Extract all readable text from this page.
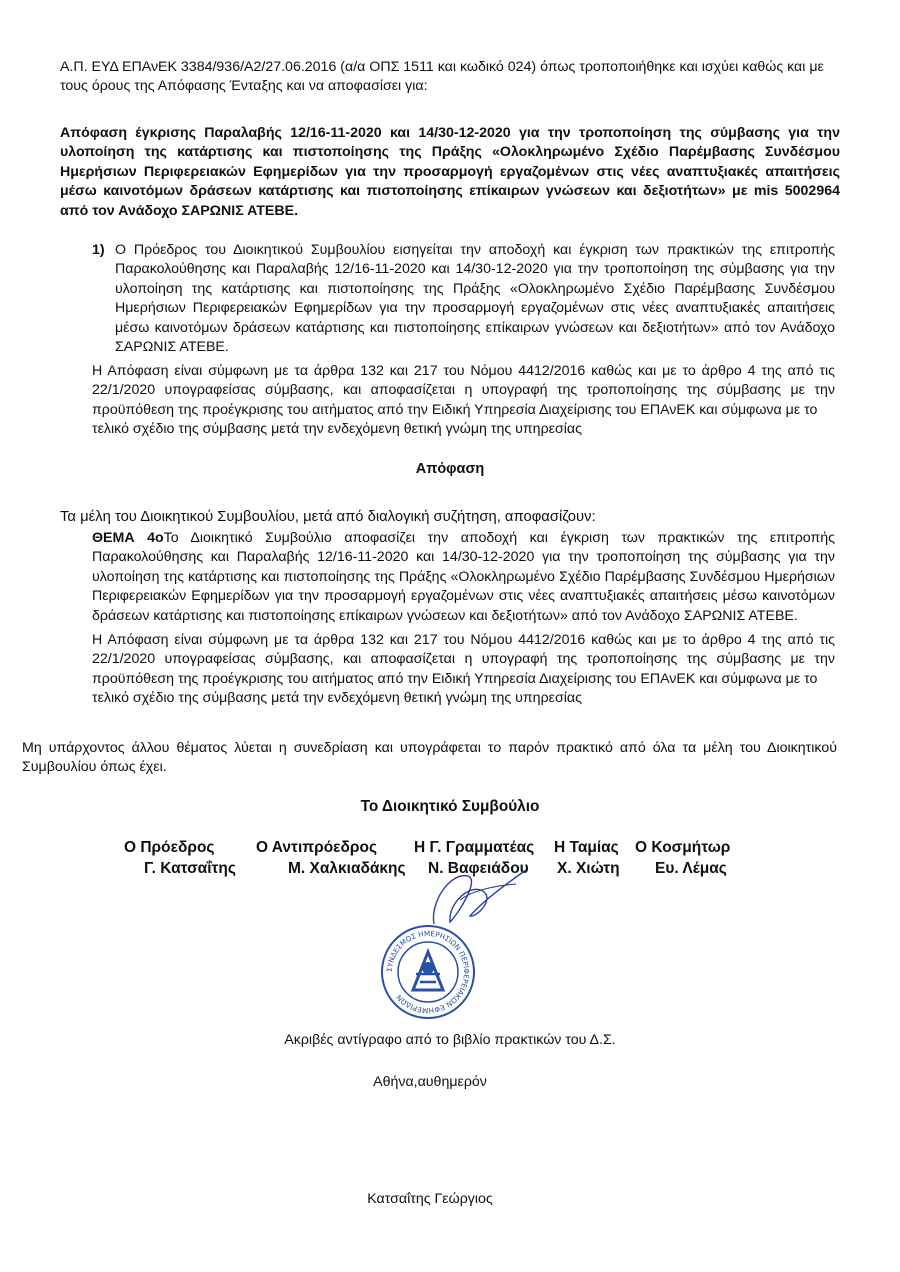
Α.Π. ΕΥΔ ΕΠΑνΕΚ 3384/936/Α2/27.06.2016 (α/α ΟΠΣ 1511 και κωδικό 024) όπως τροποποιήθηκε και ισχύει καθώς και με τους όρους της Απόφασης Ένταξης και να αποφασίσει για:
Απόφαση έγκρισης Παραλαβής 12/16-11-2020 και 14/30-12-2020 για την τροποποίηση της σύμβασης για την υλοποίηση της κατάρτισης και πιστοποίησης της Πράξης «Ολοκληρωμένο Σχέδιο Παρέμβασης Συνδέσμου Ημερήσιων Περιφερειακών Εφημερίδων για την προσαρμογή εργαζομένων στις νέες αναπτυξιακές απαιτήσεις μέσω καινοτόμων δράσεων κατάρτισης και πιστοποίησης επίκαιρων γνώσεων και δεξιοτήτων» με mis 5002964 από τον Ανάδοχο ΣΑΡΩΝΙΣ ΑΤΕΒΕ.
1) Ο Πρόεδρος του Διοικητικού Συμβουλίου εισηγείται την αποδοχή και έγκριση των πρακτικών της επιτροπής Παρακολούθησης και Παραλαβής 12/16-11-2020 και 14/30-12-2020 για την τροποποίηση της σύμβασης για την υλοποίηση της κατάρτισης και πιστοποίησης της Πράξης «Ολοκληρωμένο Σχέδιο Παρέμβασης Συνδέσμου Ημερήσιων Περιφερειακών Εφημερίδων για την προσαρμογή εργαζομένων στις νέες αναπτυξιακές απαιτήσεις μέσω καινοτόμων δράσεων κατάρτισης και πιστοποίησης επίκαιρων γνώσεων και δεξιοτήτων» από τον Ανάδοχο ΣΑΡΩΝΙΣ ΑΤΕΒΕ.
Η Απόφαση είναι σύμφωνη με τα άρθρα 132 και 217 του Νόμου 4412/2016 καθώς και με το άρθρο 4 της από τις 22/1/2020 υπογραφείσας σύμβασης, και αποφασίζεται η υπογραφή της τροποποίησης της σύμβασης με την προϋπόθεση της προέγκρισης του αιτήματος από την Ειδική Υπηρεσία Διαχείρισης του ΕΠΑνΕΚ και σύμφωνα με το
τελικό σχέδιο της σύμβασης μετά την ενδεχόμενη θετική γνώμη της υπηρεσίας
Απόφαση
Τα μέλη του Διοικητικού Συμβουλίου, μετά από διαλογική συζήτηση, αποφασίζουν:
ΘΕΜΑ 4οΤο Διοικητικό Συμβούλιο αποφασίζει την αποδοχή και έγκριση των πρακτικών της επιτροπής Παρακολούθησης και Παραλαβής 12/16-11-2020 και 14/30-12-2020 για την τροποποίηση της σύμβασης για την υλοποίηση της κατάρτισης και πιστοποίησης της Πράξης «Ολοκληρωμένο Σχέδιο Παρέμβασης Συνδέσμου Ημερήσιων Περιφερειακών Εφημερίδων για την προσαρμογή εργαζομένων στις νέες αναπτυξιακές απαιτήσεις μέσω καινοτόμων δράσεων κατάρτισης και πιστοποίησης επίκαιρων γνώσεων και δεξιοτήτων» από τον Ανάδοχο ΣΑΡΩΝΙΣ ΑΤΕΒΕ.
Η Απόφαση είναι σύμφωνη με τα άρθρα 132 και 217 του Νόμου 4412/2016 καθώς και με το άρθρο 4 της από τις 22/1/2020 υπογραφείσας σύμβασης, και αποφασίζεται η υπογραφή της τροποποίησης της σύμβασης με την προϋπόθεση της προέγκρισης του αιτήματος από την Ειδική Υπηρεσία Διαχείρισης του ΕΠΑνΕΚ και σύμφωνα με το
τελικό σχέδιο της σύμβασης μετά την ενδεχόμενη θετική γνώμη της υπηρεσίας
Μη υπάρχοντος άλλου θέματος λύεται η συνεδρίαση και υπογράφεται το παρόν πρακτικό από όλα τα μέλη του Διοικητικού Συμβουλίου όπως έχει.
Το Διοικητικό Συμβούλιο
Ο Πρόεδρος	Ο Αντιπρόεδρος Η Γ. Γραμματέας Η Ταμίας Ο Κοσμήτωρ
Γ. Κατσαΐτης	Μ. Χαλκιαδάκης Ν. Βαφειάδου Χ. Χιώτη Ευ. Λέμας
ΣΥΝΔΕΣΜΟΣ ΗΜΕΡΗΣΙΩΝ ΠΕΡΙΦΕΡΕΙΑΚΩΝ ΕΦΗΜΕΡΙΔΩΝ
Ακριβές αντίγραφο από το βιβλίο πρακτικών του Δ.Σ.
Αθήνα,αυθημερόν
Κατσαΐτης Γεώργιος
